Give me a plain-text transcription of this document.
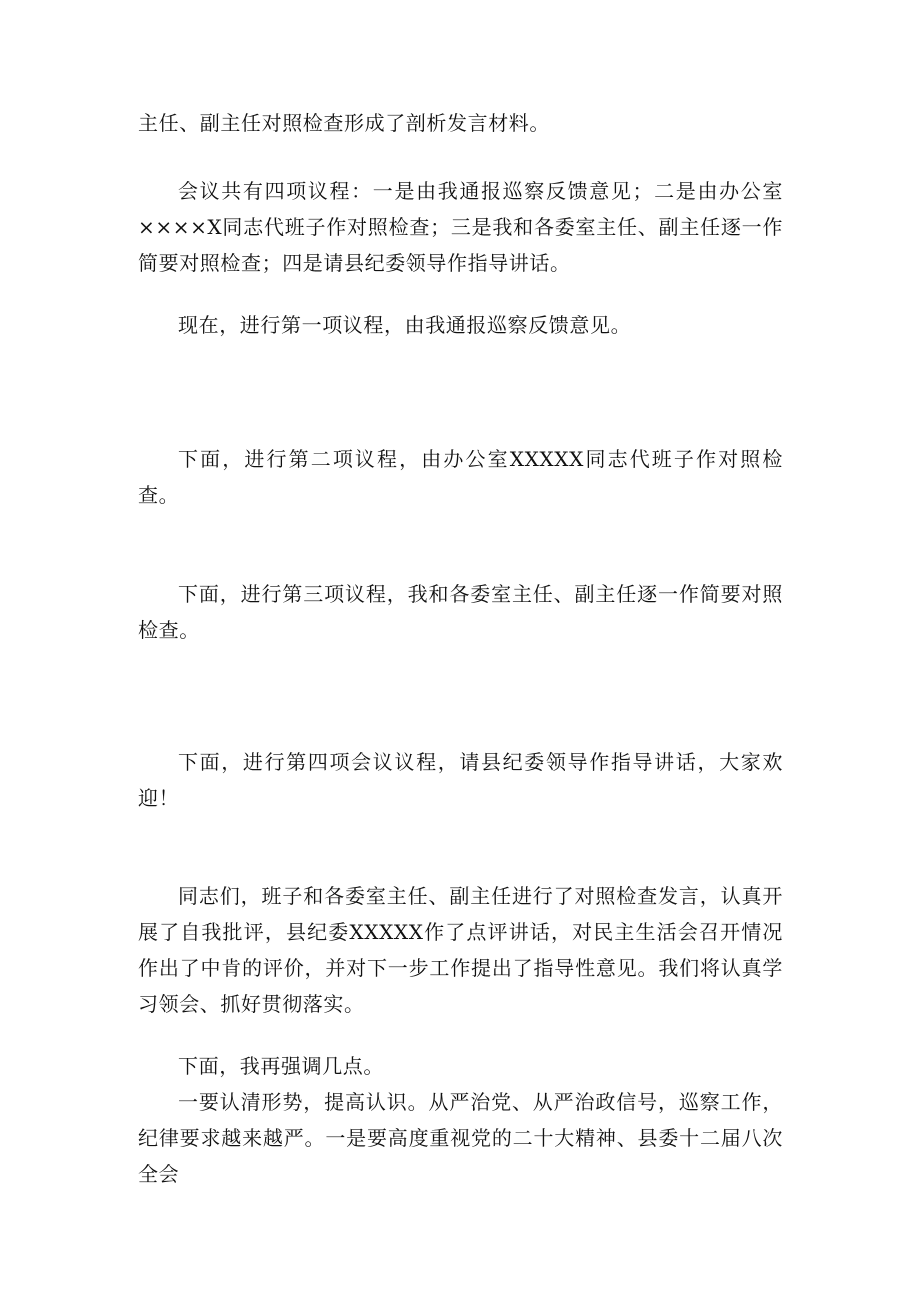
主任、副主任对照检查形成了剖析发言材料。

会议共有四项议程：一是由我通报巡察反馈意见；二是由办公室××××X同志代班子作对照检查；三是我和各委室主任、副主任逐一作简要对照检查；四是请县纪委领导作指导讲话。

现在，进行第一项议程，由我通报巡察反馈意见。

下面，进行第二项议程，由办公室XXXXX同志代班子作对照检查。

下面，进行第三项议程，我和各委室主任、副主任逐一作简要对照检查。

下面，进行第四项会议议程，请县纪委领导作指导讲话，大家欢迎！

同志们，班子和各委室主任、副主任进行了对照检查发言，认真开展了自我批评，县纪委XXXXX作了点评讲话，对民主生活会召开情况作出了中肯的评价，并对下一步工作提出了指导性意见。我们将认真学习领会、抓好贯彻落实。

下面，我再强调几点。

一要认清形势，提高认识。从严治党、从严治政信号，巡察工作，纪律要求越来越严。一是要高度重视党的二十大精神、县委十二届八次全会
